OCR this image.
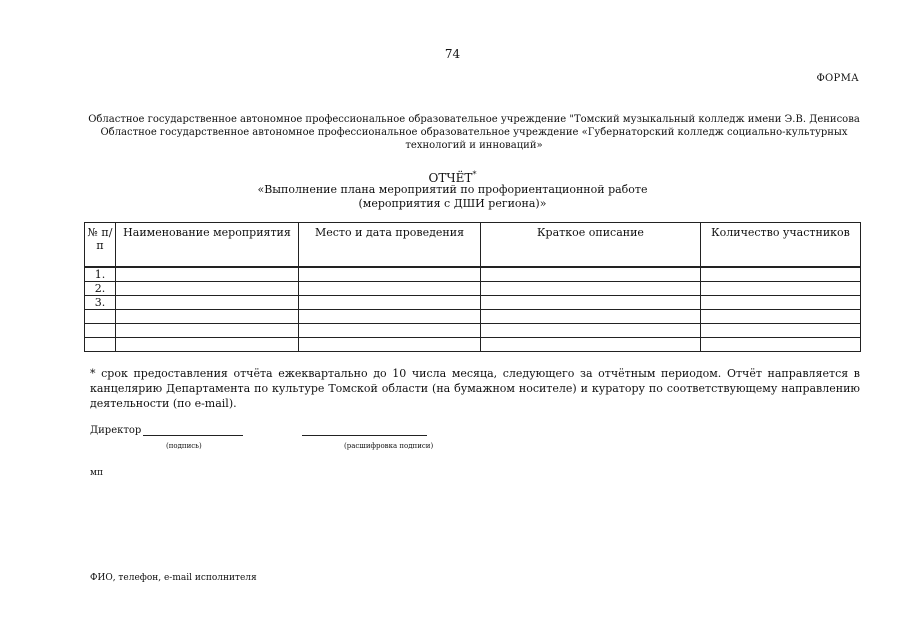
74
ФОРМА
Областное государственное автономное профессиональное образовательное учреждение "Томский музыкальный колледж имени Э.В. Денисова
Областное государственное автономное профессиональное образовательное учреждение «Губернаторский колледж социально-культурных технологий и инноваций»
ОТЧЁТ*
«Выполнение плана мероприятий по профориентационной работе
(мероприятия с ДШИ региона)»
№ п/п	Наименование мероприятия	Место и дата проведения	Краткое описание	Количество участников
1.				
2.				
3.				

* срок предоставления отчёта ежеквартально до 10 числа месяца, следующего за отчётным периодом. Отчёт направляется в канцелярию Департамента по культуре Томской области (на бумажном носителе) и куратору по соответствующему направлению деятельности (по e-mail).
Директор
(подпись)	(расшифровка подписи)
мп
ФИО, телефон, e-mail исполнителя
